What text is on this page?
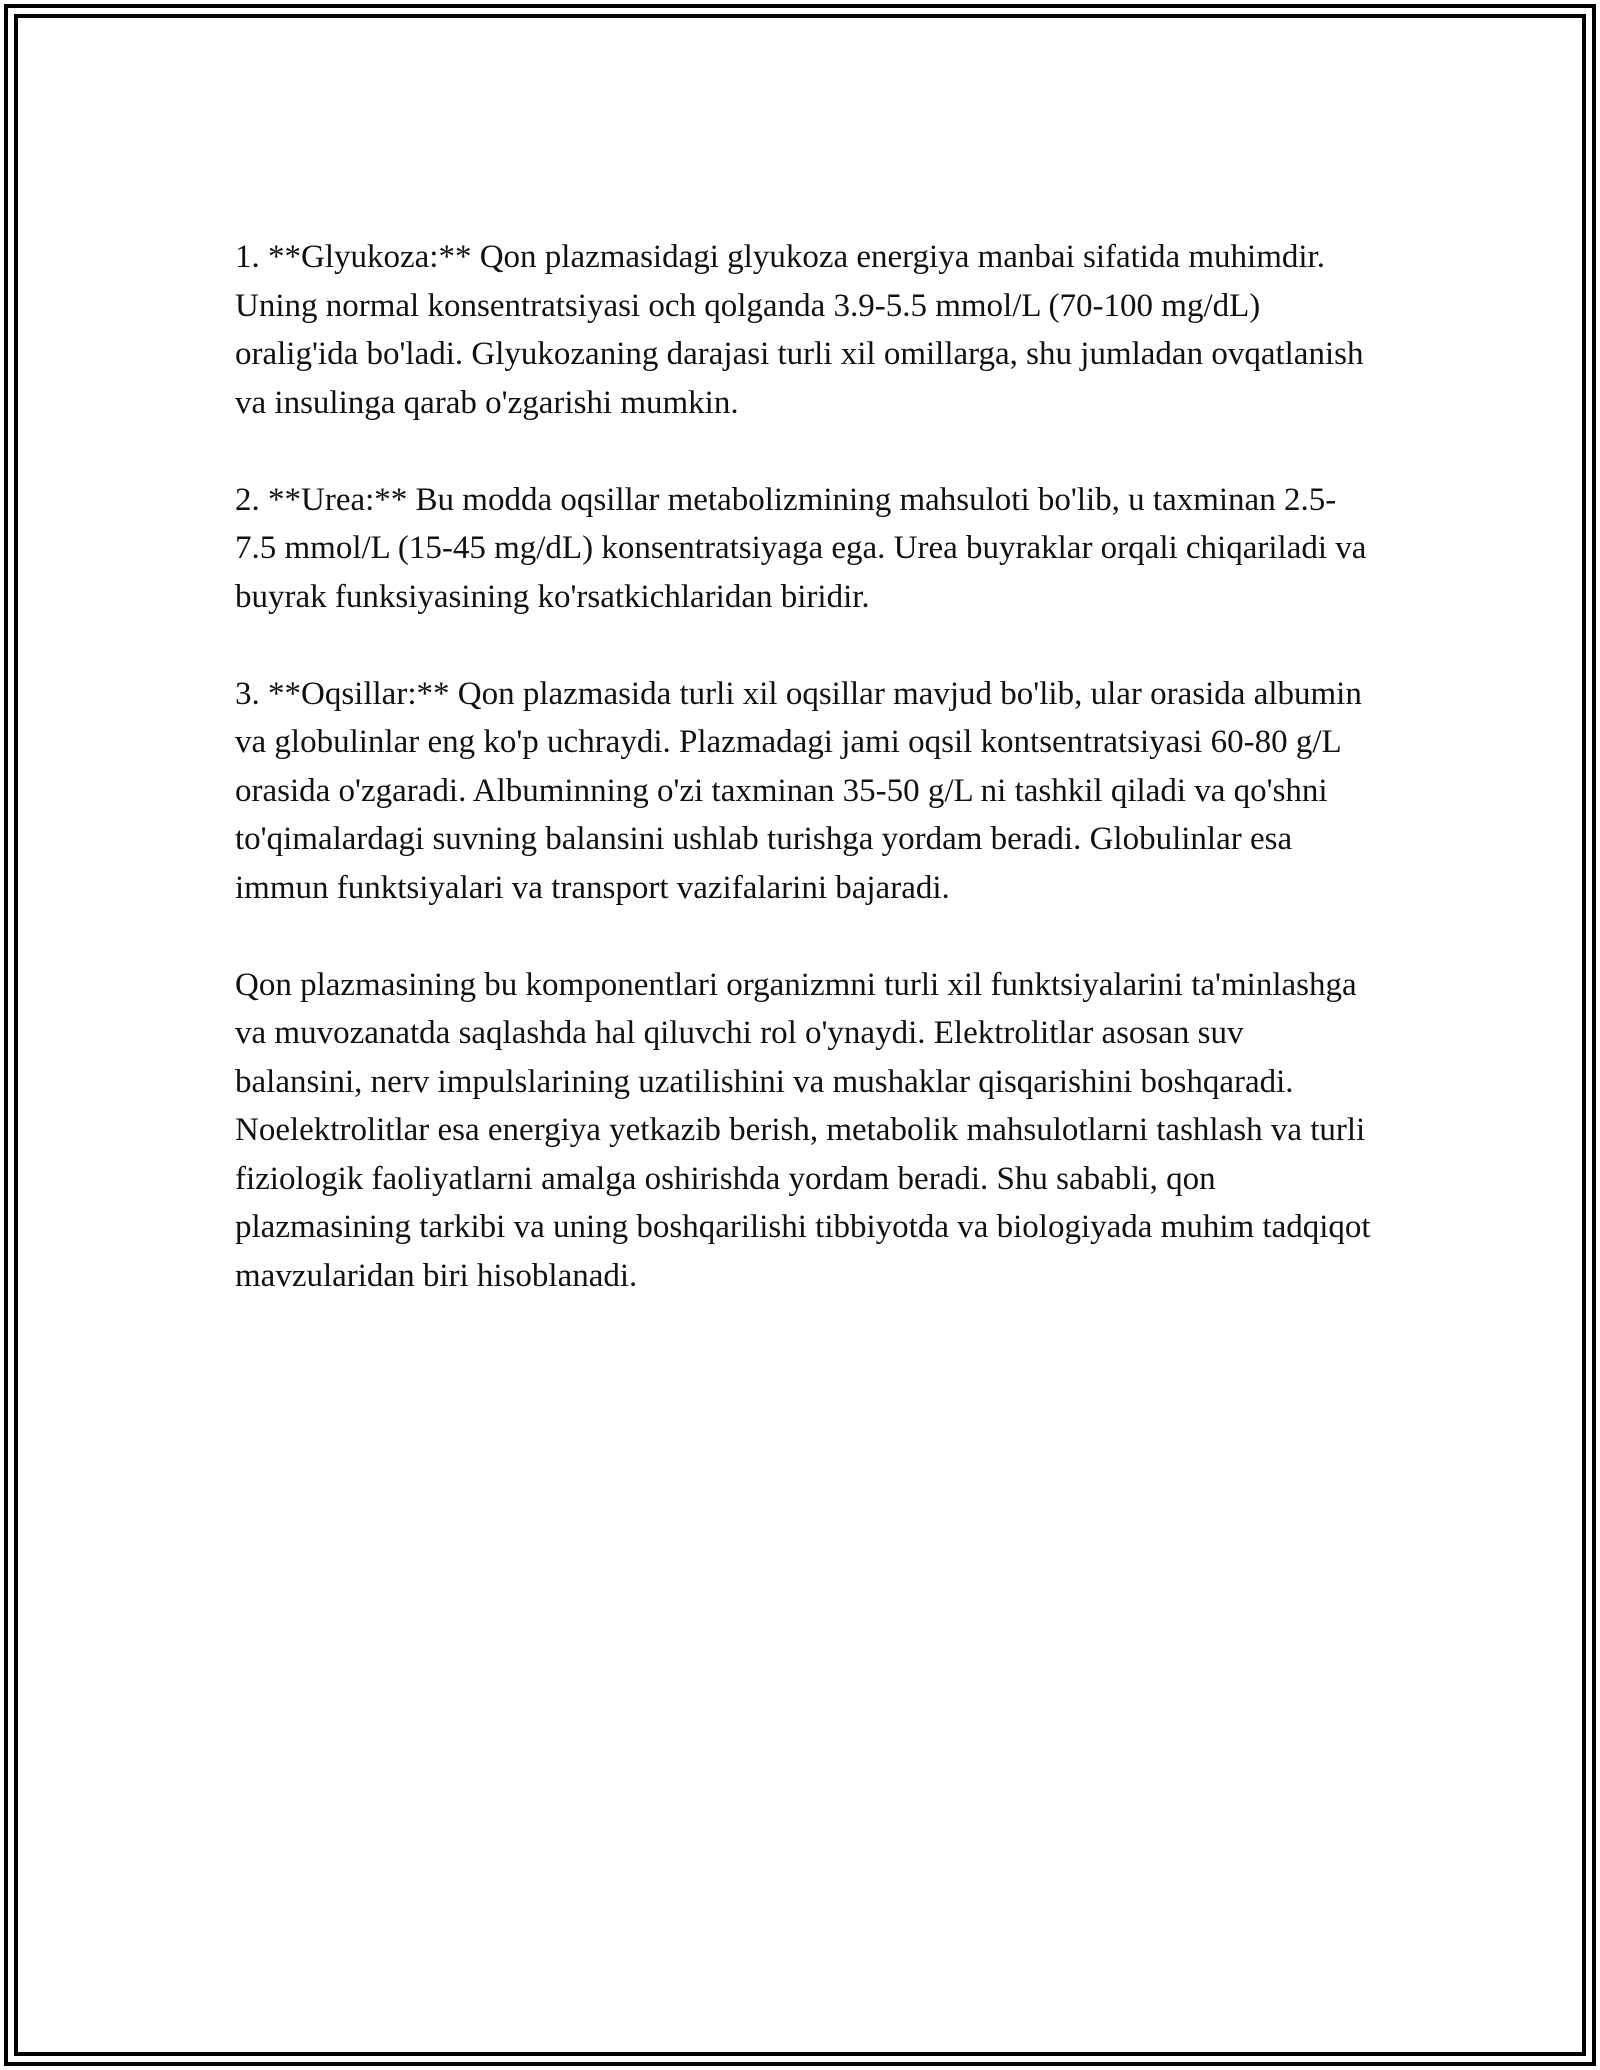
1. **Glyukoza:** Qon plazmasidagi glyukoza energiya manbai sifatida muhimdir. Uning normal konsentratsiyasi och qolganda 3.9-5.5 mmol/L (70-100 mg/dL) oralig'ida bo'ladi. Glyukozaning darajasi turli xil omillarga, shu jumladan ovqatlanish va insulinga qarab o'zgarishi mumkin.

2. **Urea:** Bu modda oqsillar metabolizmining mahsuloti bo'lib, u taxminan 2.5-7.5 mmol/L (15-45 mg/dL) konsentratsiyaga ega. Urea buyraklar orqali chiqariladi va buyrak funksiyasining ko'rsatkichlaridan biridir.

3. **Oqsillar:** Qon plazmasida turli xil oqsillar mavjud bo'lib, ular orasida albumin va globulinlar eng ko'p uchraydi. Plazmadagi jami oqsil kontsentratsiyasi 60-80 g/L orasida o'zgaradi. Albuminning o'zi taxminan 35-50 g/L ni tashkil qiladi va qo'shni to'qimalardagi suvning balansini ushlab turishga yordam beradi. Globulinlar esa immun funktsiyalari va transport vazifalarini bajaradi.

Qon plazmasining bu komponentlari organizmni turli xil funktsiyalarini ta'minlashga va muvozanatda saqlashda hal qiluvchi rol o'ynaydi. Elektrolitlar asosan suv balansini, nerv impulslarining uzatilishini va mushaklar qisqarishini boshqaradi. Noelektrolitlar esa energiya yetkazib berish, metabolik mahsulotlarni tashlash va turli fiziologik faoliyatlarni amalga oshirishda yordam beradi. Shu sababli, qon plazmasining tarkibi va uning boshqarilishi tibbiyotda va biologiyada muhim tadqiqot mavzularidan biri hisoblanadi.
